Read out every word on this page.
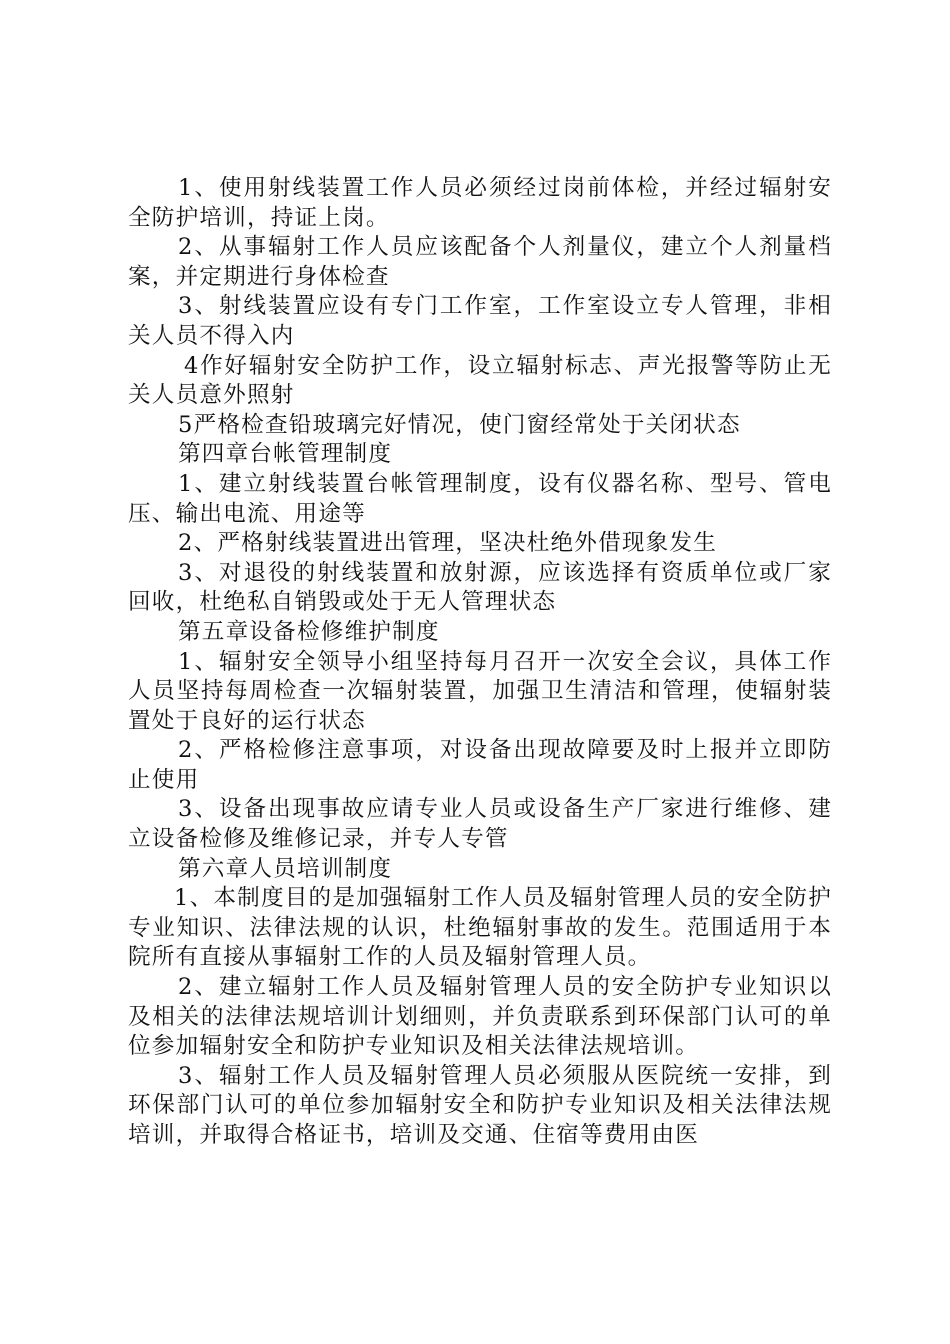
1、使用射线装置工作人员必须经过岗前体检，并经过辐射安全防护培训，持证上岗。

2、从事辐射工作人员应该配备个人剂量仪，建立个人剂量档案，并定期进行身体检查

3、射线装置应设有专门工作室，工作室设立专人管理，非相关人员不得入内

4作好辐射安全防护工作，设立辐射标志、声光报警等防止无关人员意外照射

5严格检查铅玻璃完好情况，使门窗经常处于关闭状态

第四章台帐管理制度

1、建立射线装置台帐管理制度，设有仪器名称、型号、管电压、输出电流、用途等

2、严格射线装置进出管理，坚决杜绝外借现象发生

3、对退役的射线装置和放射源，应该选择有资质单位或厂家回收，杜绝私自销毁或处于无人管理状态

第五章设备检修维护制度

1、辐射安全领导小组坚持每月召开一次安全会议，具体工作人员坚持每周检查一次辐射装置，加强卫生清洁和管理，使辐射装置处于良好的运行状态

2、严格检修注意事项，对设备出现故障要及时上报并立即防止使用

3、设备出现事故应请专业人员或设备生产厂家进行维修、建立设备检修及维修记录，并专人专管

第六章人员培训制度

1、本制度目的是加强辐射工作人员及辐射管理人员的安全防护专业知识、法律法规的认识，杜绝辐射事故的发生。范围适用于本院所有直接从事辐射工作的人员及辐射管理人员。

2、建立辐射工作人员及辐射管理人员的安全防护专业知识以及相关的法律法规培训计划细则，并负责联系到环保部门认可的单位参加辐射安全和防护专业知识及相关法律法规培训。

3、辐射工作人员及辐射管理人员必须服从医院统一安排，到环保部门认可的单位参加辐射安全和防护专业知识及相关法律法规培训，并取得合格证书，培训及交通、住宿等费用由医
